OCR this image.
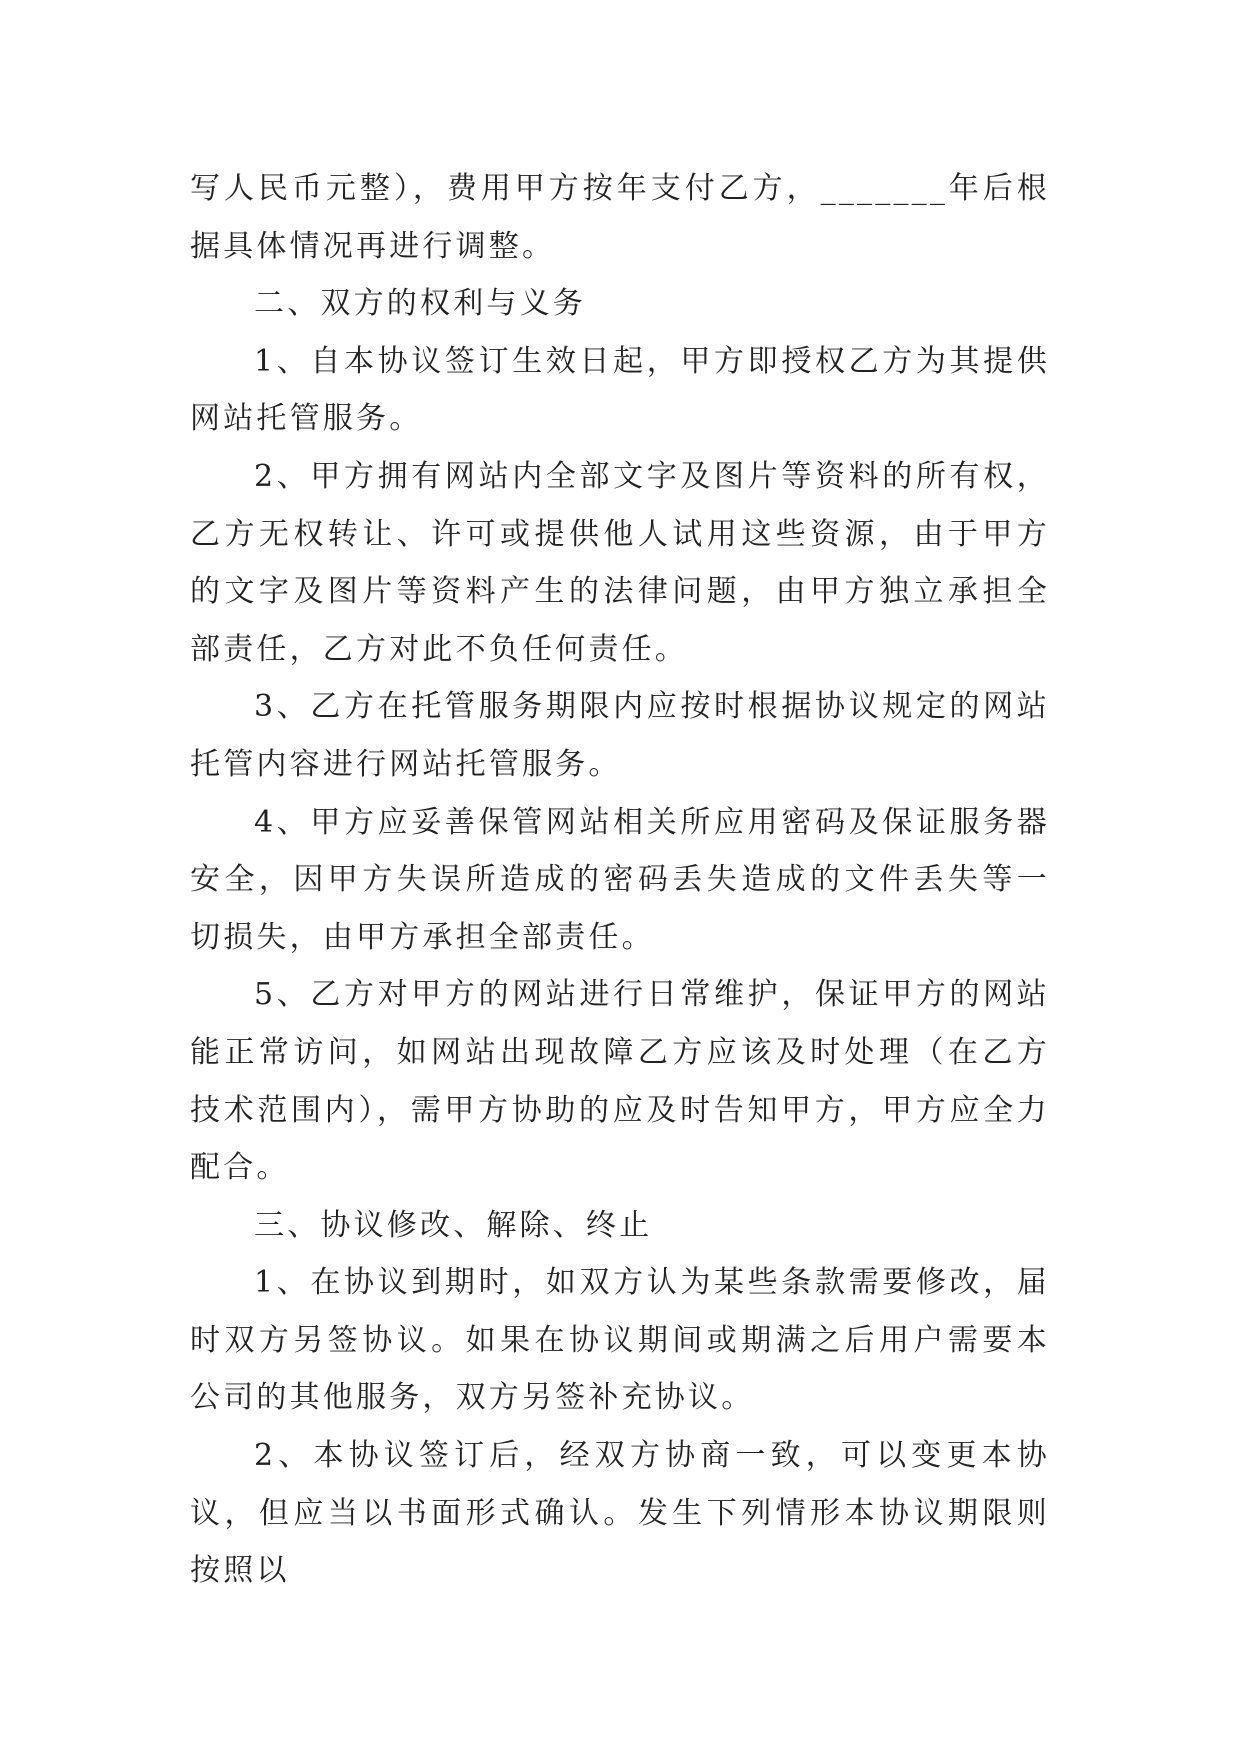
写人民币元整），费用甲方按年支付乙方，_______年后根据具体情况再进行调整。

二、双方的权利与义务

1、自本协议签订生效日起，甲方即授权乙方为其提供网站托管服务。

2、甲方拥有网站内全部文字及图片等资料的所有权，乙方无权转让、许可或提供他人试用这些资源，由于甲方的文字及图片等资料产生的法律问题，由甲方独立承担全部责任，乙方对此不负任何责任。

3、乙方在托管服务期限内应按时根据协议规定的网站托管内容进行网站托管服务。

4、甲方应妥善保管网站相关所应用密码及保证服务器安全，因甲方失误所造成的密码丢失造成的文件丢失等一切损失，由甲方承担全部责任。

5、乙方对甲方的网站进行日常维护，保证甲方的网站能正常访问，如网站出现故障乙方应该及时处理（在乙方技术范围内），需甲方协助的应及时告知甲方，甲方应全力配合。

三、协议修改、解除、终止

1、在协议到期时，如双方认为某些条款需要修改，届时双方另签协议。如果在协议期间或期满之后用户需要本公司的其他服务，双方另签补充协议。

2、本协议签订后，经双方协商一致，可以变更本协议，但应当以书面形式确认。发生下列情形本协议期限则按照以
